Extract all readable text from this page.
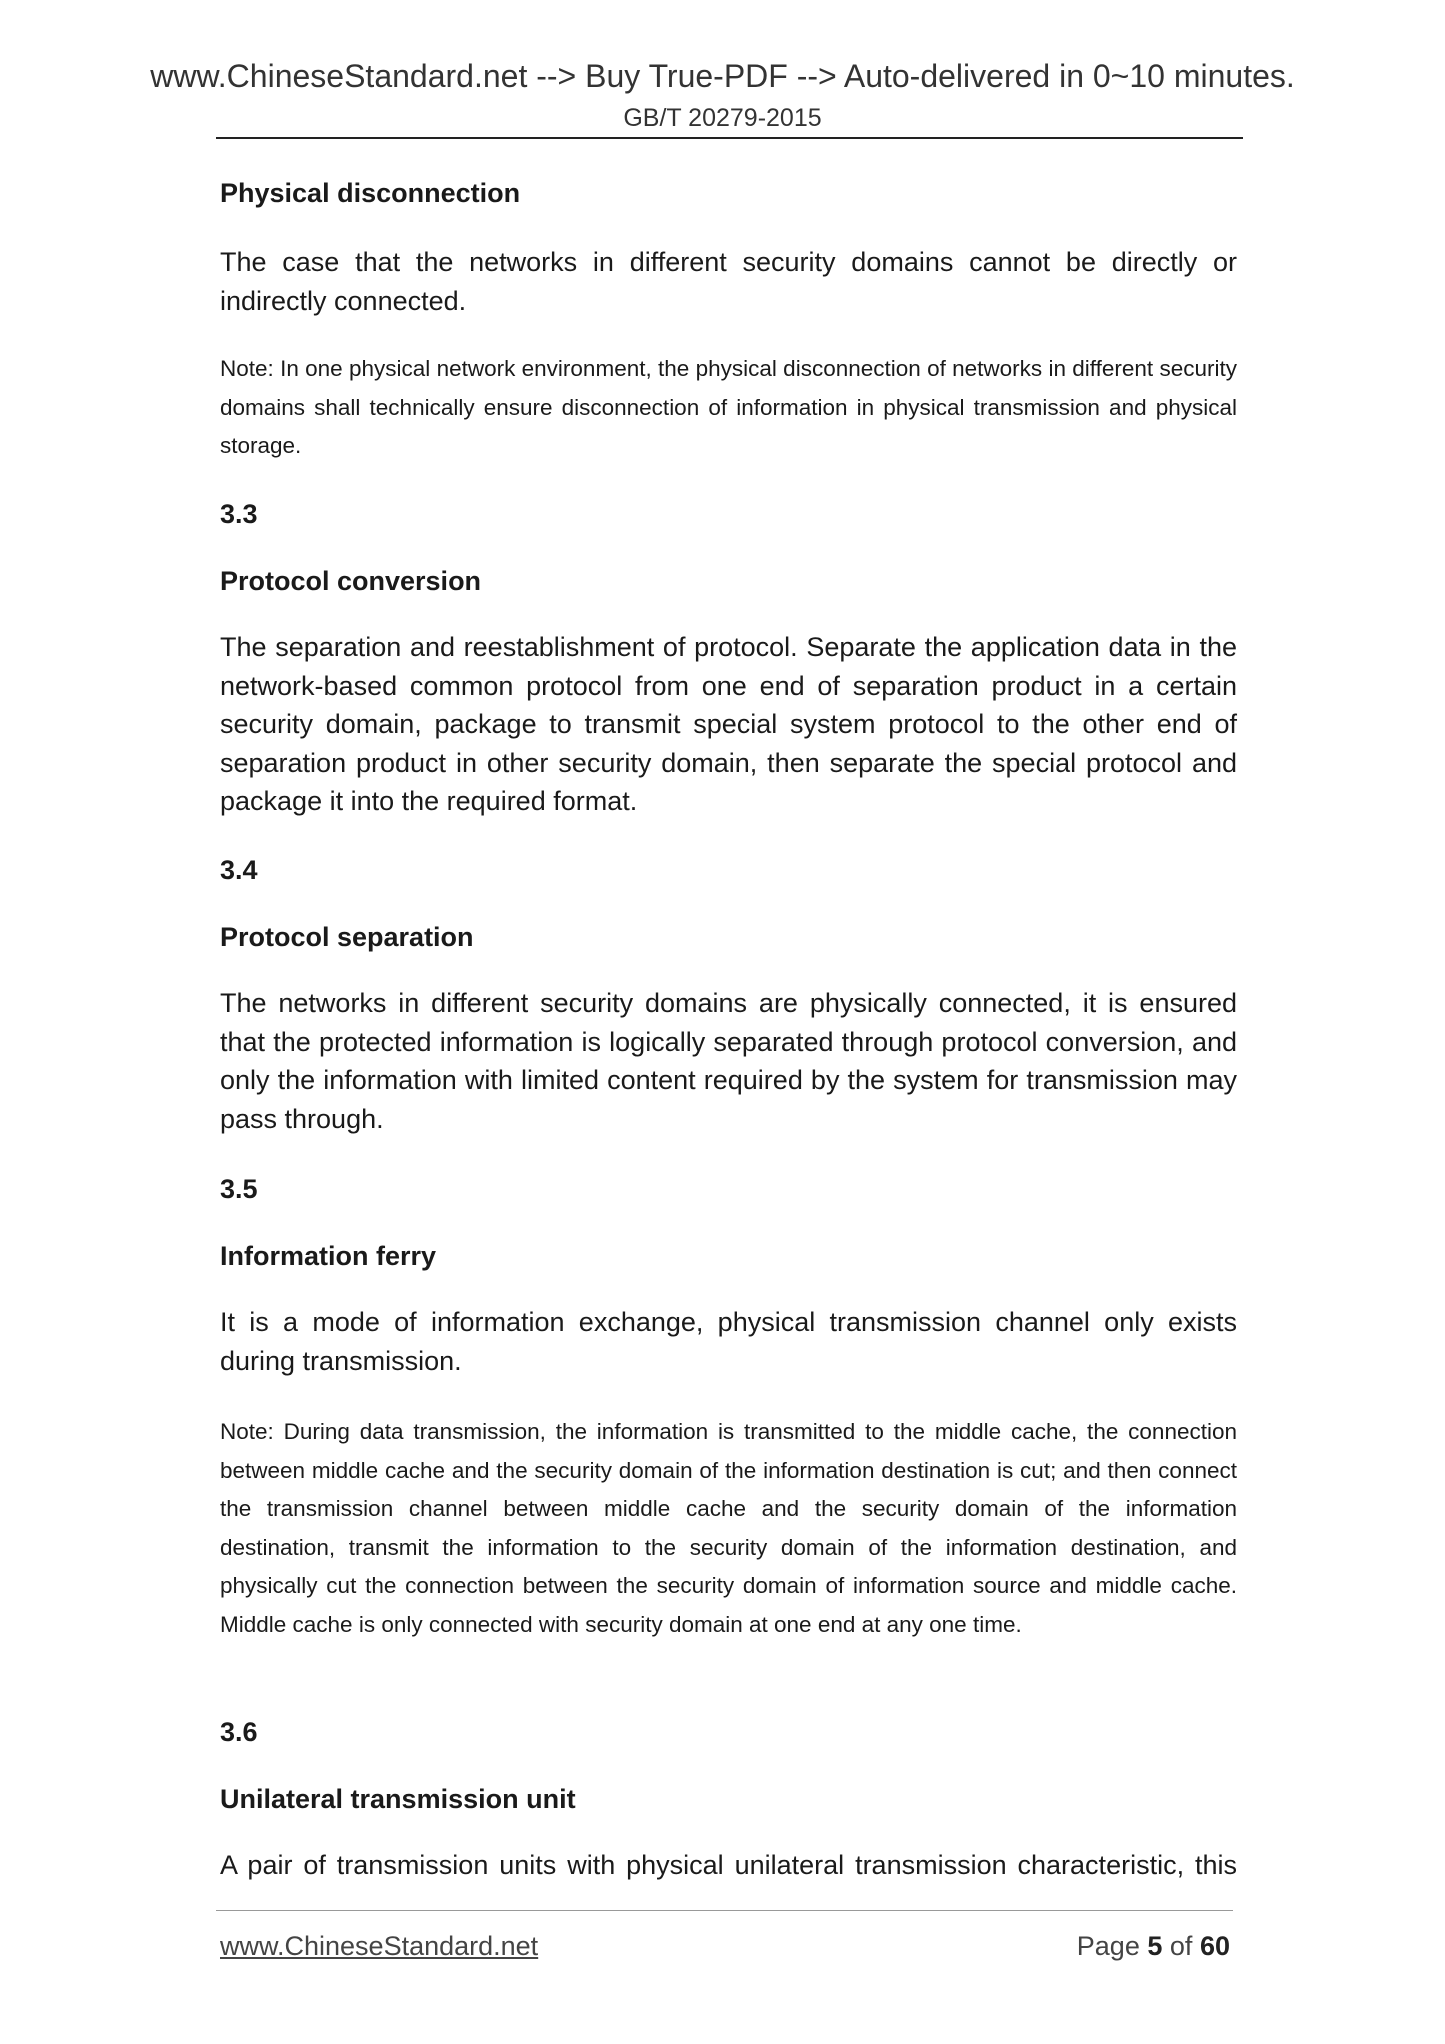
www.ChineseStandard.net --> Buy True-PDF --> Auto-delivered in 0~10 minutes.
GB/T 20279-2015
Physical disconnection
The case that the networks in different security domains cannot be directly or indirectly connected.
Note: In one physical network environment, the physical disconnection of networks in different security domains shall technically ensure disconnection of information in physical transmission and physical storage.
3.3
Protocol conversion
The separation and reestablishment of protocol. Separate the application data in the network-based common protocol from one end of separation product in a certain security domain, package to transmit special system protocol to the other end of separation product in other security domain, then separate the special protocol and package it into the required format.
3.4
Protocol separation
The networks in different security domains are physically connected, it is ensured that the protected information is logically separated through protocol conversion, and only the information with limited content required by the system for transmission may pass through.
3.5
Information ferry
It is a mode of information exchange, physical transmission channel only exists during transmission.
Note: During data transmission, the information is transmitted to the middle cache, the connection between middle cache and the security domain of the information destination is cut; and then connect the transmission channel between middle cache and the security domain of the information destination, transmit the information to the security domain of the information destination, and physically cut the connection between the security domain of information source and middle cache. Middle cache is only connected with security domain at one end at any one time.
3.6
Unilateral transmission unit
A pair of transmission units with physical unilateral transmission characteristic, this
www.ChineseStandard.net	Page 5 of 60
